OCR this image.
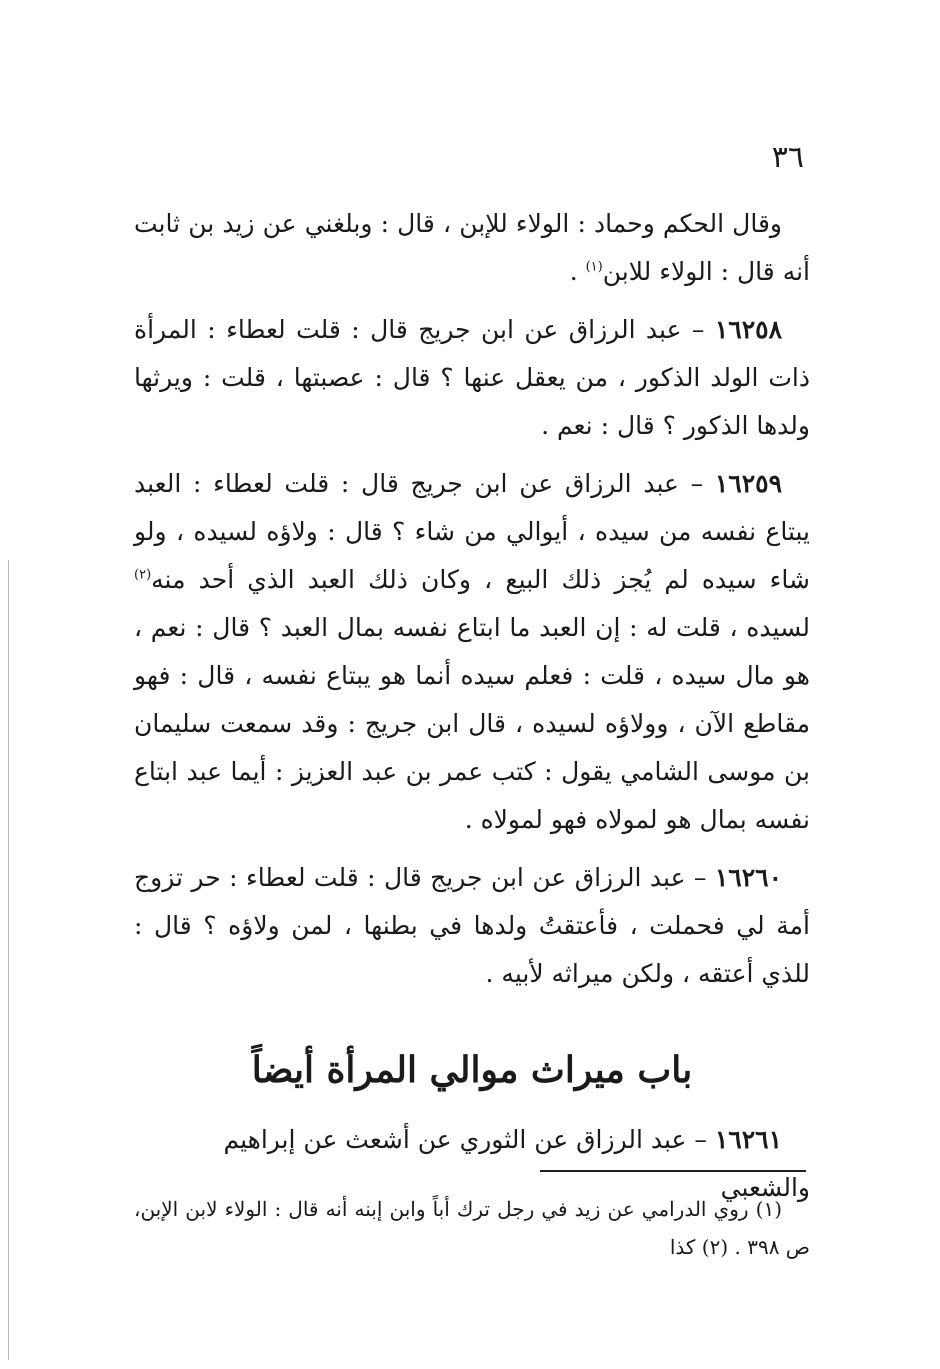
٣٦

وقال الحكم وحماد : الولاء للإبن ، قال : وبلغني عن زيد بن ثابت أنه قال : الولاء للابن$^{(١)}$ .

١٦٢٥٨ – عبد الرزاق عن ابن جريج قال : قلت لعطاء : المرأة ذات الولد الذكور ، من يعقل عنها ؟ قال : عصبتها ، قلت : ويرثها ولدها الذكور ؟ قال : نعم .

١٦٢٥٩ – عبد الرزاق عن ابن جريج قال : قلت لعطاء : العبد يبتاع نفسه من سيده ، أيوالي من شاء ؟ قال : ولاؤه لسيده ، ولو شاء سيده لم يُجز ذلك البيع ، وكان ذلك العبد الذي أحد منه$^{(٢)}$ لسيده ، قلت له : إن العبد ما ابتاع نفسه بمال العبد ؟ قال : نعم ، هو مال سيده ، قلت : فعلم سيده أنما هو يبتاع نفسه ، قال : فهو مقاطع الآن ، وولاؤه لسيده ، قال ابن جريج : وقد سمعت سليمان بن موسى الشامي يقول : كتب عمر بن عبد العزيز : أيما عبد ابتاع نفسه بمال هو لمولاه فهو لمولاه .

١٦٢٦٠ – عبد الرزاق عن ابن جريج قال : قلت لعطاء : حر تزوج أمة لي فحملت ، فأعتقتُ ولدها في بطنها ، لمن ولاؤه ؟ قال : للذي أعتقه ، ولكن ميراثه لأبيه .

باب ميراث موالي المرأة أيضاً
١٦٢٦١ – عبد الرزاق عن الثوري عن أشعث عن إبراهيم والشعبي
(١) روي الدرامي عن زيد في رجل ترك أباً وابن إبنه أنه قال : الولاء لابن الإبن، ص ٣٩٨ . (٢) كذا
